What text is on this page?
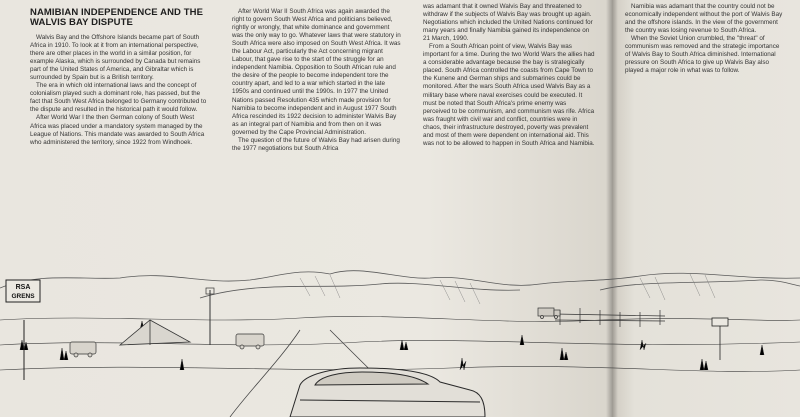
NAMIBIAN INDEPENDENCE AND THE WALVIS BAY DISPUTE

Walvis Bay and the Offshore Islands became part of South Africa in 1910. To look at it from an international perspective, there are other places in the world in a similar position, for example Alaska, which is surrounded by Canada but remains part of the United States of America, and Gibraltar which is surrounded by Spain but is a British territory.

The era in which old international laws and the concept of colonialism played such a dominant role, has passed, but the fact that South West Africa belonged to Germany contributed to the dispute and resulted in the historical path it would follow.

After World War I the then German colony of South West Africa was placed under a mandatory system managed by the League of Nations. This mandate was awarded to South Africa who administered the territory, since 1922 from Windhoek.

After World War II South Africa was again awarded the right to govern South West Africa and politicians believed, rightly or wrongly, that white dominance and government was the only way to go. Whatever laws that were statutory in South Africa were also imposed on South West Africa. It was the Labour Act, particularly the Act concerning migrant Labour, that gave rise to the start of the struggle for an independent Namibia. Opposition to South African rule and the desire of the people to become independent tore the country apart, and led to a war which started in the late 1950s and continued until the 1990s. In 1977 the United Nations passed Resolution 435 which made provision for Namibia to become independent and in August 1977 South Africa rescinded its 1922 decision to administer Walvis Bay as an integral part of Namibia and from then on it was governed by the Cape Provincial Administration.

The question of the future of Walvis Bay had arisen during the 1977 negotiations but South Africa

was adamant that it owned Walvis Bay and threatened to withdraw if the subjects of Walvis Bay was brought up again. Negotiations which included the United Nations continued for many years and finally Namibia gained its independence on 21 March, 1990.

From a South African point of view, Walvis Bay was important for a time. During the two World Wars the allies had a considerable advantage because the bay is strategically placed. South Africa controlled the coasts from Cape Town to the Kunene and German ships and submarines could be monitored. After the wars South Africa used Walvis Bay as a military base where naval exercises could be executed. It must be noted that South Africa's prime enemy was perceived to be communism, and communism was rife. Africa was fraught with civil war and conflict, countries were in chaos, their infrastructure destroyed, poverty was prevalent and most of them were dependent on international aid. This was not to be allowed to happen in South Africa and Namibia.

Namibia was adamant that the country could not be economically independent without the port of Walvis Bay and the offshore islands. In the view of the government the country was losing revenue to South Africa.

When the Soviet Union crumbled, the "threat" of communism was removed and the strategic importance of Walvis Bay to South Africa diminished. International pressure on South Africa to give up Walvis Bay also played a major role in what was to follow.

RSA
GRENS
